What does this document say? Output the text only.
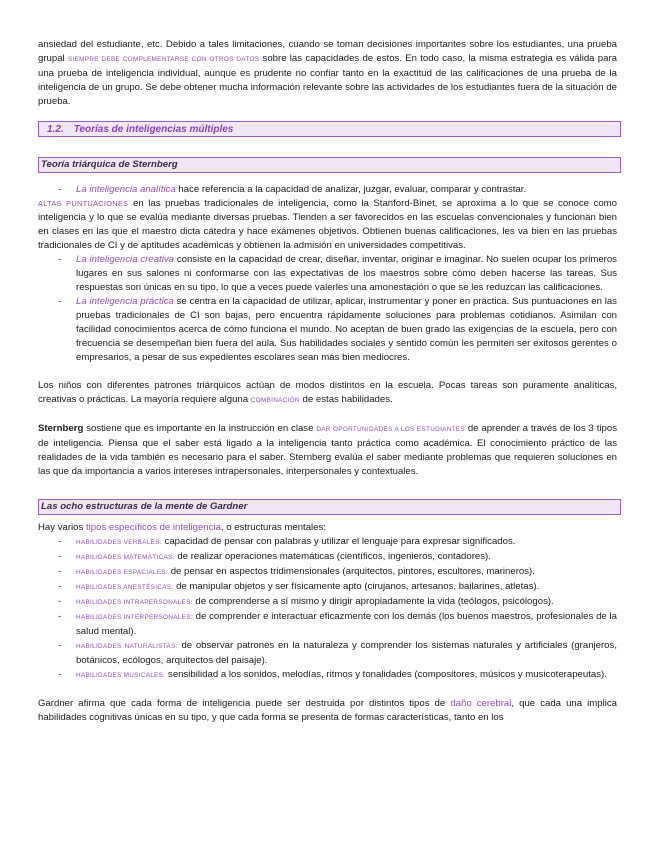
ansiedad del estudiante, etc. Debido a tales limitaciones, cuando se toman decisiones importantes sobre los estudiantes, una prueba grupal SIEMPRE DEBE COMPLEMENTARSE CON OTROS DATOS sobre las capacidades de estos. En todo caso, la misma estrategia es válida para una prueba de inteligencia individual, aunque es prudente no confiar tanto en la exactitud de las calificaciones de una prueba de la inteligencia de un grupo. Se debe obtener mucha información relevante sobre las actividades de los estudiantes fuera de la situación de prueba.

1.2. Teorías de inteligencias múltiples
Teoría triárquica de Sternberg

- La inteligencia analítica hace referencia a la capacidad de analizar, juzgar, evaluar, comparar y contrastar.

ALTAS PUNTUACIONES en las pruebas tradicionales de inteligencia, como la Stanford-Binet, se aproxima a lo que se conoce como inteligencia y lo que se evalúa mediante diversas pruebas. Tienden a ser favorecidos en las escuelas convencionales y funcionan bien en clases en las que el maestro dicta cátedra y hace exámenes objetivos. Obtienen buenas calificaciones, les va bien en las pruebas tradicionales de CI y de aptitudes académicas y obtienen la admisión en universidades competitivas.

- La inteligencia creativa consiste en la capacidad de crear, diseñar, inventar, originar e imaginar. No suelen ocupar los primeros lugares en sus salones ni conformarse con las expectativas de los maestros sobre cómo deben hacerse las tareas. Sus respuestas son únicas en su tipo, lo que a veces puede valerles una amonestación o que se les reduzcan las calificaciones.

- La inteligencia práctica se centra en la capacidad de utilizar, aplicar, instrumentar y poner en práctica. Sus puntuaciones en las pruebas tradicionales de CI son bajas, pero encuentra rápidamente soluciones para problemas cotidianos. Asimilan con facilidad conocimientos acerca de cómo funciona el mundo. No aceptan de buen grado las exigencias de la escuela, pero con frecuencia se desempeñan bien fuera del aula. Sus habilidades sociales y sentido común les permiten ser exitosos gerentes o empresarios, a pesar de sus expedientes escolares sean más bien mediocres.

Los niños con diferentes patrones triárquicos actúan de modos distintos en la escuela. Pocas tareas son puramente analíticas, creativas o prácticas. La mayoría requiere alguna COMBINACIÓN de estas habilidades.

Sternberg sostiene que es importante en la instrucción en clase DAR OPORTUNIDADES A LOS ESTUDIANTES de aprender a través de los 3 tipos de inteligencia. Piensa que el saber está ligado a la inteligencia tanto práctica como académica. El conocimiento práctico de las realidades de la vida también es necesario para el saber. Sternberg evalúa el saber mediante problemas que requieren soluciones en las que da importancia a varios intereses intrapersonales, interpersonales y contextuales.

Las ocho estructuras de la mente de Gardner

Hay varios tipos específicos de inteligencia, o estructuras mentales:

- HABILIDADES VERBALES: capacidad de pensar con palabras y utilizar el lenguaje para expresar significados.

- HABILIDADES MATEMÁTICAS: de realizar operaciones matemáticas (científicos, ingenieros, contadores).

- HABILIDADES ESPACIALES: de pensar en aspectos tridimensionales (arquitectos, pintores, escultores, marineros).

- HABILIDADES ANESTÉSICAS: de manipular objetos y ser físicamente apto (cirujanos, artesanos, bailarines, atletas).

- HABILIDADES INTRAPERSONALES: de comprenderse a sí mismo y dirigir apropiadamente la vida (teólogos, psicólogos).

- HABILIDADES INTERPERSONALES: de comprender e interactuar eficazmente con los demás (los buenos maestros, profesionales de la salud mental).

- HABILIDADES NATURALISTAS: de observar patrones en la naturaleza y comprender los sistemas naturales y artificiales (granjeros, botánicos, ecólogos, arquitectos del paisaje).

- HABILIDADES MUSICALES: sensibilidad a los sonidos, melodías, ritmos y tonalidades (compositores, músicos y musicoterapeutas).

Gardner afirma que cada forma de inteligencia puede ser destruida por distintos tipos de daño cerebral, que cada una implica habilidades cognitivas únicas en su tipo, y que cada forma se presenta de formas características, tanto en los
